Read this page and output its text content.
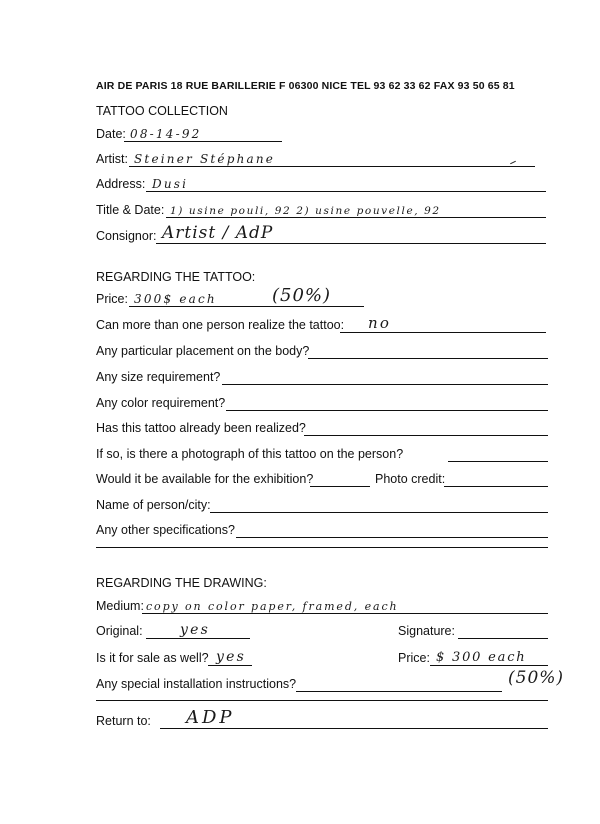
AIR DE PARIS 18 RUE BARILLERIE F 06300 NICE TEL 93 62 33 62 FAX 93 50 65 81
TATTOO COLLECTION
Date: 08-14-92
Artist: Steiner Stéphane
Address: Dusi
Title & Date: 1) usine pouli, 92 2) usine pouvelle, 92
Consignor: Artist / AdP
REGARDING THE TATTOO:
Price: 300$ each	(50%)
Can more than one person realize the tattoo: no
Any particular placement on the body?
Any size requirement?
Any color requirement?
Has this tattoo already been realized?
If so, is there a photograph of this tattoo on the person?
Would it be available for the exhibition?	Photo credit:
Name of person/city:
Any other specifications?
REGARDING THE DRAWING:
Medium: copy on color paper, framed, each
Original:	yes	Signature:
Is it for sale as well? yes	Price: $ 300 each
(50%)
Any special installation instructions?
Return to: ADP
